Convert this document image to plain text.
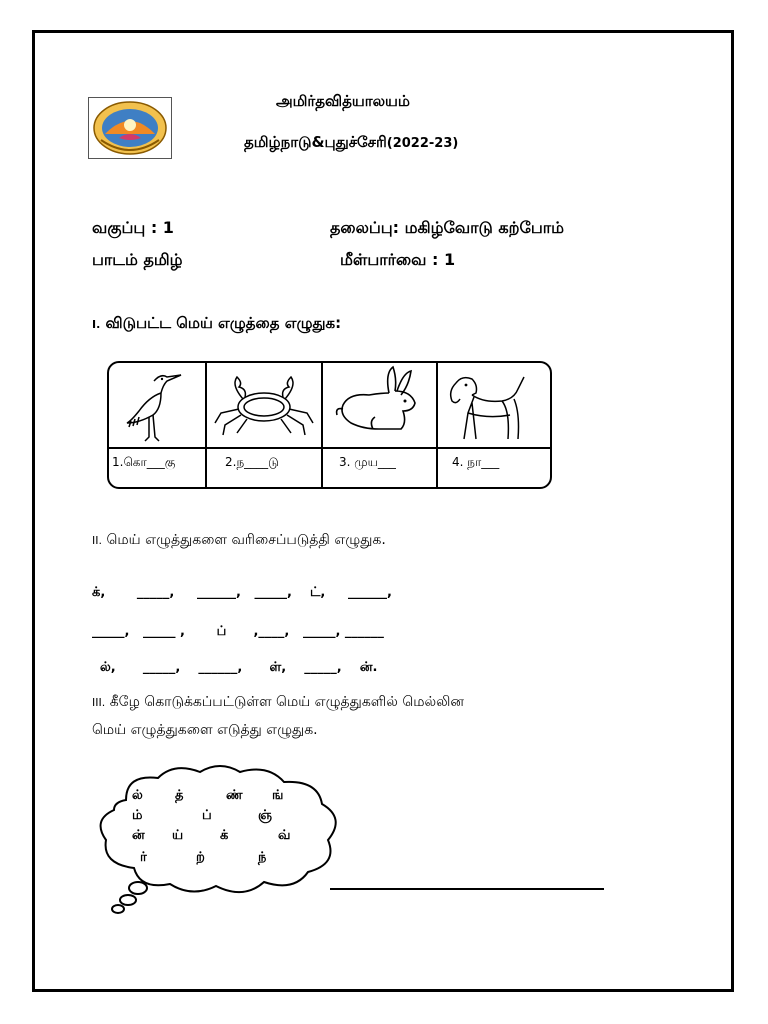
அமிர்தவித்யாலயம்
தமிழ்நாடு&புதுச்சேரி(2022-23)
வகுப்பு : 1	தலைப்பு: மகிழ்வோடு கற்போம்
பாடம் தமிழ்	மீள்பார்வை : 1
I. விடுபட்ட மெய் எழுத்தை எழுதுக:
1.கொ___கு	2.ந____டு	3. முய___	4. நா___
II. மெய் எழுத்துகளை வரிசைப்படுத்தி எழுதுக.
க்,       _____,     ______,   _____,    ட்,     ______,
_____,   _____ ,       ப்      ,____,   _____, ______
ல்,      _____,    ______,      ள்,    _____,    ன்.
III. கீழே கொடுக்கப்பட்டுள்ள மெய் எழுத்துகளில் மெல்லின
மெய் எழுத்துகளை எடுத்து எழுதுக.
ல் த்	ண் ங்
ம்	ப்	ஞ்
ன் ய்	க்	வ்
ர்	ற்	ந்
